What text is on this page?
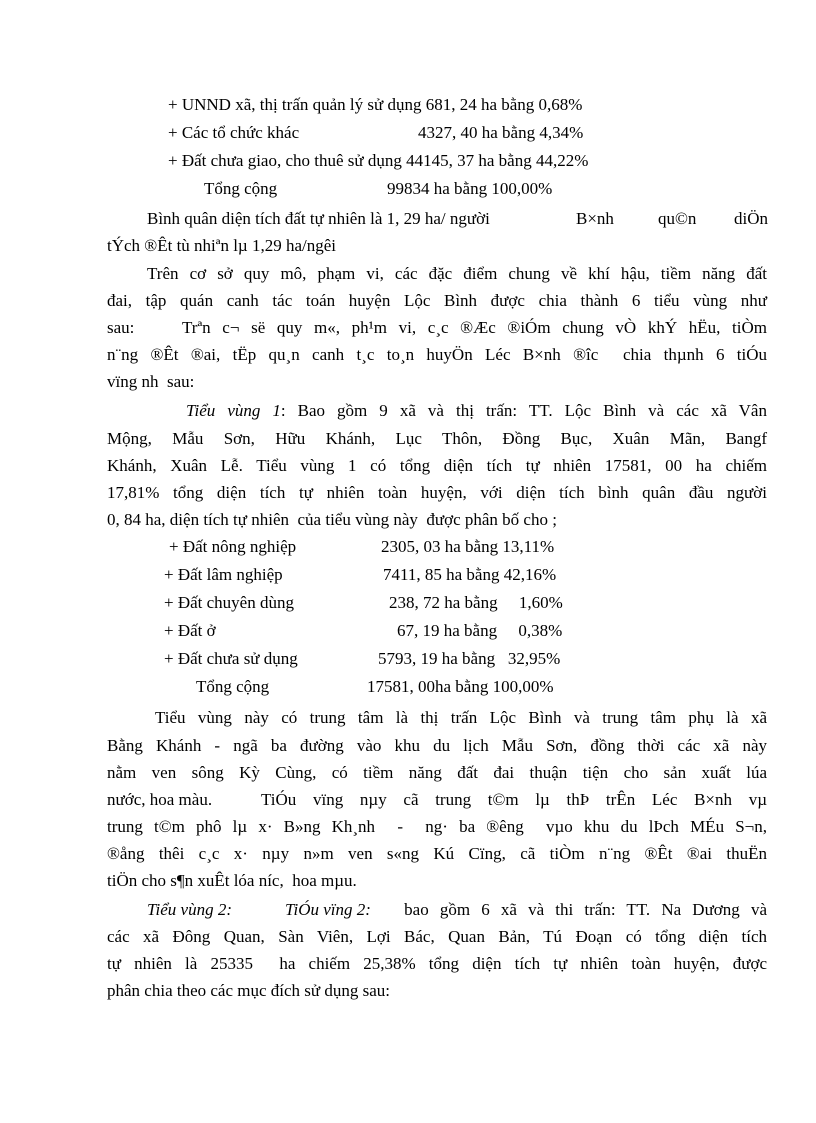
+ UNND xã, thị trấn quản lý sử dụng 681, 24 ha bằng 0,68%
+ Các tổ chức khác	4327, 40 ha bằng 4,34%
+ Đất chưa giao, cho thuê sử dụng 44145, 37 ha bằng 44,22%
Tổng cộng	99834 ha bằng 100,00%
Bình quân diện tích đất tự nhiên là 1, 29 ha/ người	B×nh	qu©n diÖn
tÝch ®Êt tù nhiªn lµ 1,29 ha/ngêi
Trên cơ sở quy mô, phạm vi, các đặc điểm chung về khí hậu, tiềm năng đất
đai, tập quán canh tác toán huyện Lộc Bình được chia thành 6 tiểu vùng như
sau:	Trªn c¬ së quy m«, ph¹m vi, c¸c ®Æc ®iÓm chung vÒ khÝ hËu, tiÒm
n¨ng ®Êt ®ai, tËp qu¸n canh t¸c to¸n huyÖn Léc B×nh ®îc  chia thµnh 6 tiÓu
vïng nh  sau:
Tiểu vùng 1: Bao gồm 9 xã và thị trấn: TT. Lộc Bình và các xã Vân
Mộng, Mẫu Sơn, Hữu Khánh, Lục Thôn, Đồng Bục, Xuân Mãn, Bangf
Khánh, Xuân Lễ. Tiểu vùng 1 có tổng diện tích tự nhiên 17581, 00 ha chiếm
17,81% tổng diện tích tự nhiên toàn huyện, với diện tích bình quân đầu người
0, 84 ha, diện tích tự nhiên  của tiểu vùng này  được phân bố cho ;
+ Đất nông nghiệp	2305, 03 ha bằng 13,11%
+ Đất lâm nghiệp	7411, 85 ha bằng 42,16%
+ Đất chuyên dùng	238, 72 ha bằng     1,60%
+ Đất ở	67, 19 ha bằng     0,38%
+ Đất chưa sử dụng	5793, 19 ha bằng   32,95%
Tổng cộng	17581, 00ha bằng 100,00%
Tiểu vùng này có trung tâm là thị trấn Lộc Bình và trung tâm phụ là xã
Bằng Khánh - ngã ba đường vào khu du lịch Mẫu Sơn, đồng thời các xã này
nằm ven sông Kỳ Cùng, có tiềm năng đất đai thuận tiện cho sản xuất lúa
nước, hoa màu.	TiÓu vïng nµy cã trung t©m lµ thÞ trÊn Léc B×nh vµ
trung t©m phô lµ x· B»ng Kh¸nh  -  ng· ba ®êng  vµo khu du lÞch MÉu S¬n,
®ång thêi c¸c x· nµy n»m ven s«ng Kú Cïng, cã tiÒm n¨ng ®Êt ®ai thuËn
tiÖn cho s¶n xuÊt lóa níc,  hoa mµu.
Tiểu vùng 2:	TiÓu vïng 2: bao gồm 6 xã và thi trấn: TT. Na Dương và
các xã Đông Quan, Sàn Viên, Lợi Bác, Quan Bản, Tú Đoạn có tổng diện tích
tự nhiên là 25335  ha chiếm 25,38% tổng diện tích tự nhiên toàn huyện, được
phân chia theo các mục đích sử dụng sau:
